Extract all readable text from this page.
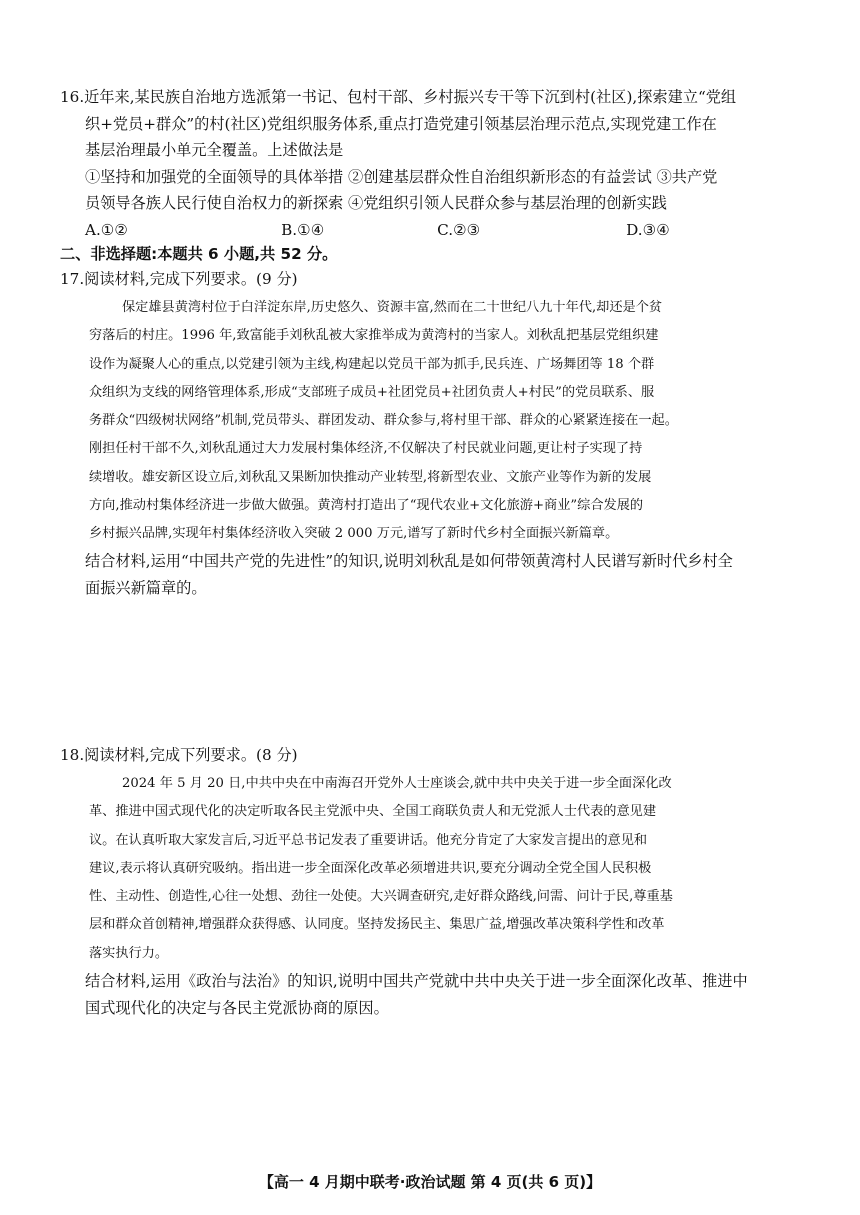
16.近年来,某民族自治地方选派第一书记、包村干部、乡村振兴专干等下沉到村(社区),探索建立“党组
织+党员+群众”的村(社区)党组织服务体系,重点打造党建引领基层治理示范点,实现党建工作在
基层治理最小单元全覆盖。上述做法是
①坚持和加强党的全面领导的具体举措 ②创建基层群众性自治组织新形态的有益尝试 ③共产党
员领导各族人民行使自治权力的新探索 ④党组织引领人民群众参与基层治理的创新实践
A.①②	B.①④	C.②③	D.③④
二、非选择题:本题共 6 小题,共 52 分。
17.阅读材料,完成下列要求。(9 分)
保定雄县黄湾村位于白洋淀东岸,历史悠久、资源丰富,然而在二十世纪八九十年代,却还是个贫
穷落后的村庄。1996 年,致富能手刘秋乱被大家推举成为黄湾村的当家人。刘秋乱把基层党组织建
设作为凝聚人心的重点,以党建引领为主线,构建起以党员干部为抓手,民兵连、广场舞团等 18 个群
众组织为支线的网络管理体系,形成“支部班子成员+社团党员+社团负责人+村民”的党员联系、服
务群众“四级树状网络”机制,党员带头、群团发动、群众参与,将村里干部、群众的心紧紧连接在一起。
刚担任村干部不久,刘秋乱通过大力发展村集体经济,不仅解决了村民就业问题,更让村子实现了持
续增收。雄安新区设立后,刘秋乱又果断加快推动产业转型,将新型农业、文旅产业等作为新的发展
方向,推动村集体经济进一步做大做强。黄湾村打造出了“现代农业+文化旅游+商业”综合发展的
乡村振兴品牌,实现年村集体经济收入突破 2 000 万元,谱写了新时代乡村全面振兴新篇章。
结合材料,运用“中国共产党的先进性”的知识,说明刘秋乱是如何带领黄湾村人民谱写新时代乡村全
面振兴新篇章的。
18.阅读材料,完成下列要求。(8 分)
2024 年 5 月 20 日,中共中央在中南海召开党外人士座谈会,就中共中央关于进一步全面深化改
革、推进中国式现代化的决定听取各民主党派中央、全国工商联负责人和无党派人士代表的意见建
议。在认真听取大家发言后,习近平总书记发表了重要讲话。他充分肯定了大家发言提出的意见和
建议,表示将认真研究吸纳。指出进一步全面深化改革必须增进共识,要充分调动全党全国人民积极
性、主动性、创造性,心往一处想、劲往一处使。大兴调查研究,走好群众路线,问需、问计于民,尊重基
层和群众首创精神,增强群众获得感、认同度。坚持发扬民主、集思广益,增强改革决策科学性和改革
落实执行力。
结合材料,运用《政治与法治》的知识,说明中国共产党就中共中央关于进一步全面深化改革、推进中
国式现代化的决定与各民主党派协商的原因。
【高一 4 月期中联考·政治试题 第 4 页(共 6 页)】
